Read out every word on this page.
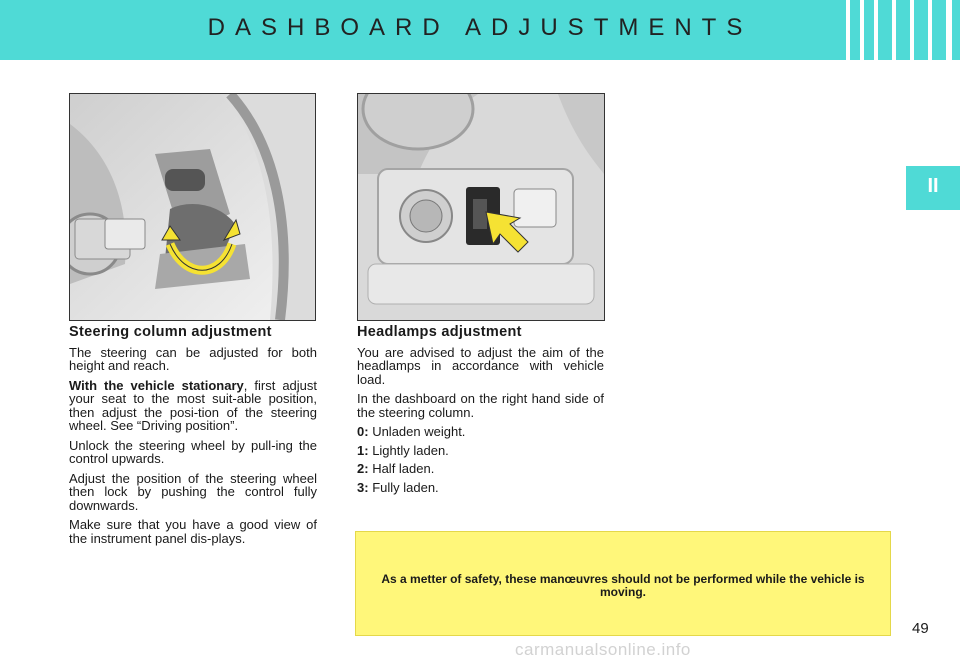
DASHBOARD ADJUSTMENTS
II
Steering column adjustment

The steering can be adjusted for both height and reach.

With the vehicle stationary, first adjust your seat to the most suit-able position, then adjust the posi-tion of the steering wheel. See “Driving position”.

Unlock the steering wheel by pull-ing the control upwards.

Adjust the position of the steering wheel then lock by pushing the control fully downwards.

Make sure that you have a good view of the instrument panel dis-plays.

Headlamps adjustment

You are advised to adjust the aim of the headlamps in accordance with vehicle load.

In the dashboard on the right hand side of the steering column.

0: Unladen weight.
1: Lightly laden.
2: Half laden.
3: Fully laden.
As a metter of safety, these manœuvres should not be performed while the vehicle is moving.
49
carmanualsonline.info
